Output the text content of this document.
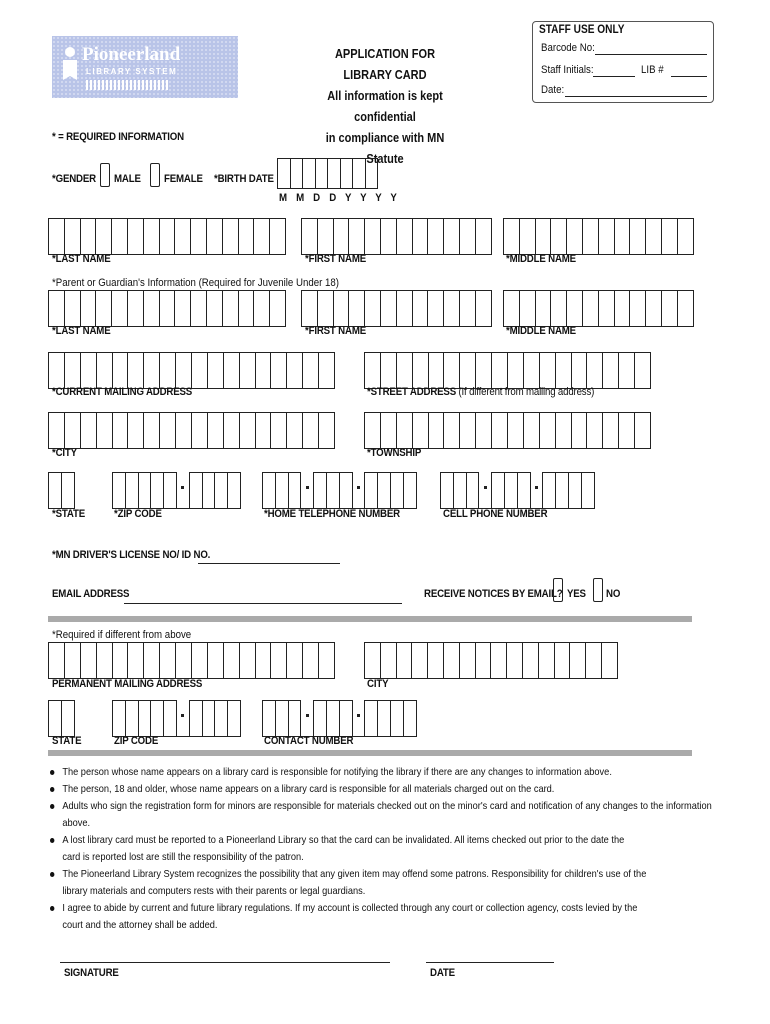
Pioneerland
LIBRARY SYSTEM
APPLICATION FOR LIBRARY CARD
All information is kept confidential
in compliance with MN Statute
STAFF USE ONLY
Barcode No:
Staff Initials:	LIB #
Date:
* = REQUIRED INFORMATION
*GENDER MALE FEMALE *BIRTH DATE
M M D D Y Y Y Y
*LAST NAME	*FIRST NAME	*MIDDLE NAME
*Parent or Guardian's Information (Required for Juvenile Under 18)
*LAST NAME	*FIRST NAME	*MIDDLE NAME
*CURRENT MAILING ADDRESS	*STREET ADDRESS (If different from mailing address)
*CITY	*TOWNSHIP
*STATE	*ZIP CODE	*HOME TELEPHONE NUMBER	CELL PHONE NUMBER
*MN DRIVER'S LICENSE NO/ ID NO.
EMAIL ADDRESS	RECEIVE NOTICES BY EMAIL? YES NO
*Required if different from above
PERMANENT MAILING ADDRESS	CITY
STATE	ZIP CODE	CONTACT NUMBER
The person whose name appears on a library card is responsible for notifying the library if there are any changes to information above.
The person, 18 and older, whose name appears on a library card is responsible for all materials charged out on the card.
Adults who sign the registration form for minors are responsible for materials checked out on the minor's card and notification of any changes to the information above.
A lost library card must be reported to a Pioneerland Library so that the card can be invalidated. All items checked out prior to the date the card is reported lost are still the responsibility of the patron.
The Pioneerland Library System recognizes the possibility that any given item may offend some patrons. Responsibility for children's use of the library materials and computers rests with their parents or legal guardians.
I agree to abide by current and future library regulations. If my account is collected through any court or collection agency, costs levied by the court and the attorney shall be added.
SIGNATURE	DATE
